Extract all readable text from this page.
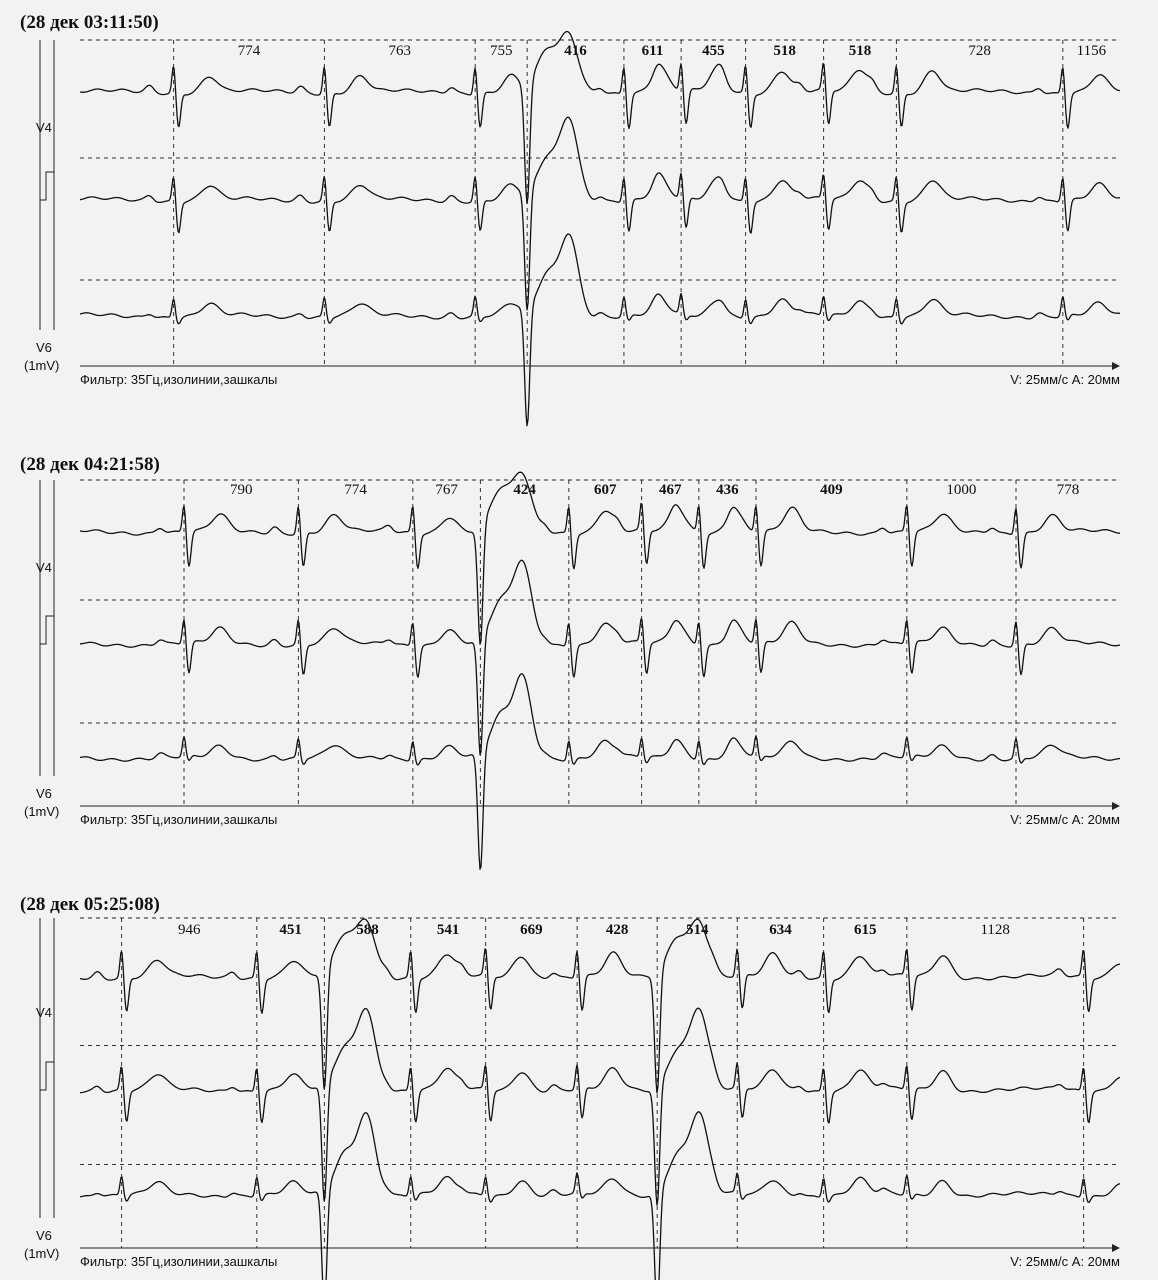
(28 дек 03:11:50)
V4
V6
(1mV)
774	763	755	416	611	455	518	518	728	1156
Фильтр: 35Гц,изолинии,зашкалы	V: 25мм/с A: 20мм
(28 дек 04:21:58)
V4
V6
(1mV)
790	774	767	424	607	467 436	409	1000	778
Фильтр: 35Гц,изолинии,зашкалы	V: 25мм/с A: 20мм
(28 дек 05:25:08)
V4
V6
(1mV)
946	451	588	541	669	428	514	634	615	1128
Фильтр: 35Гц,изолинии,зашкалы	V: 25мм/с A: 20мм
